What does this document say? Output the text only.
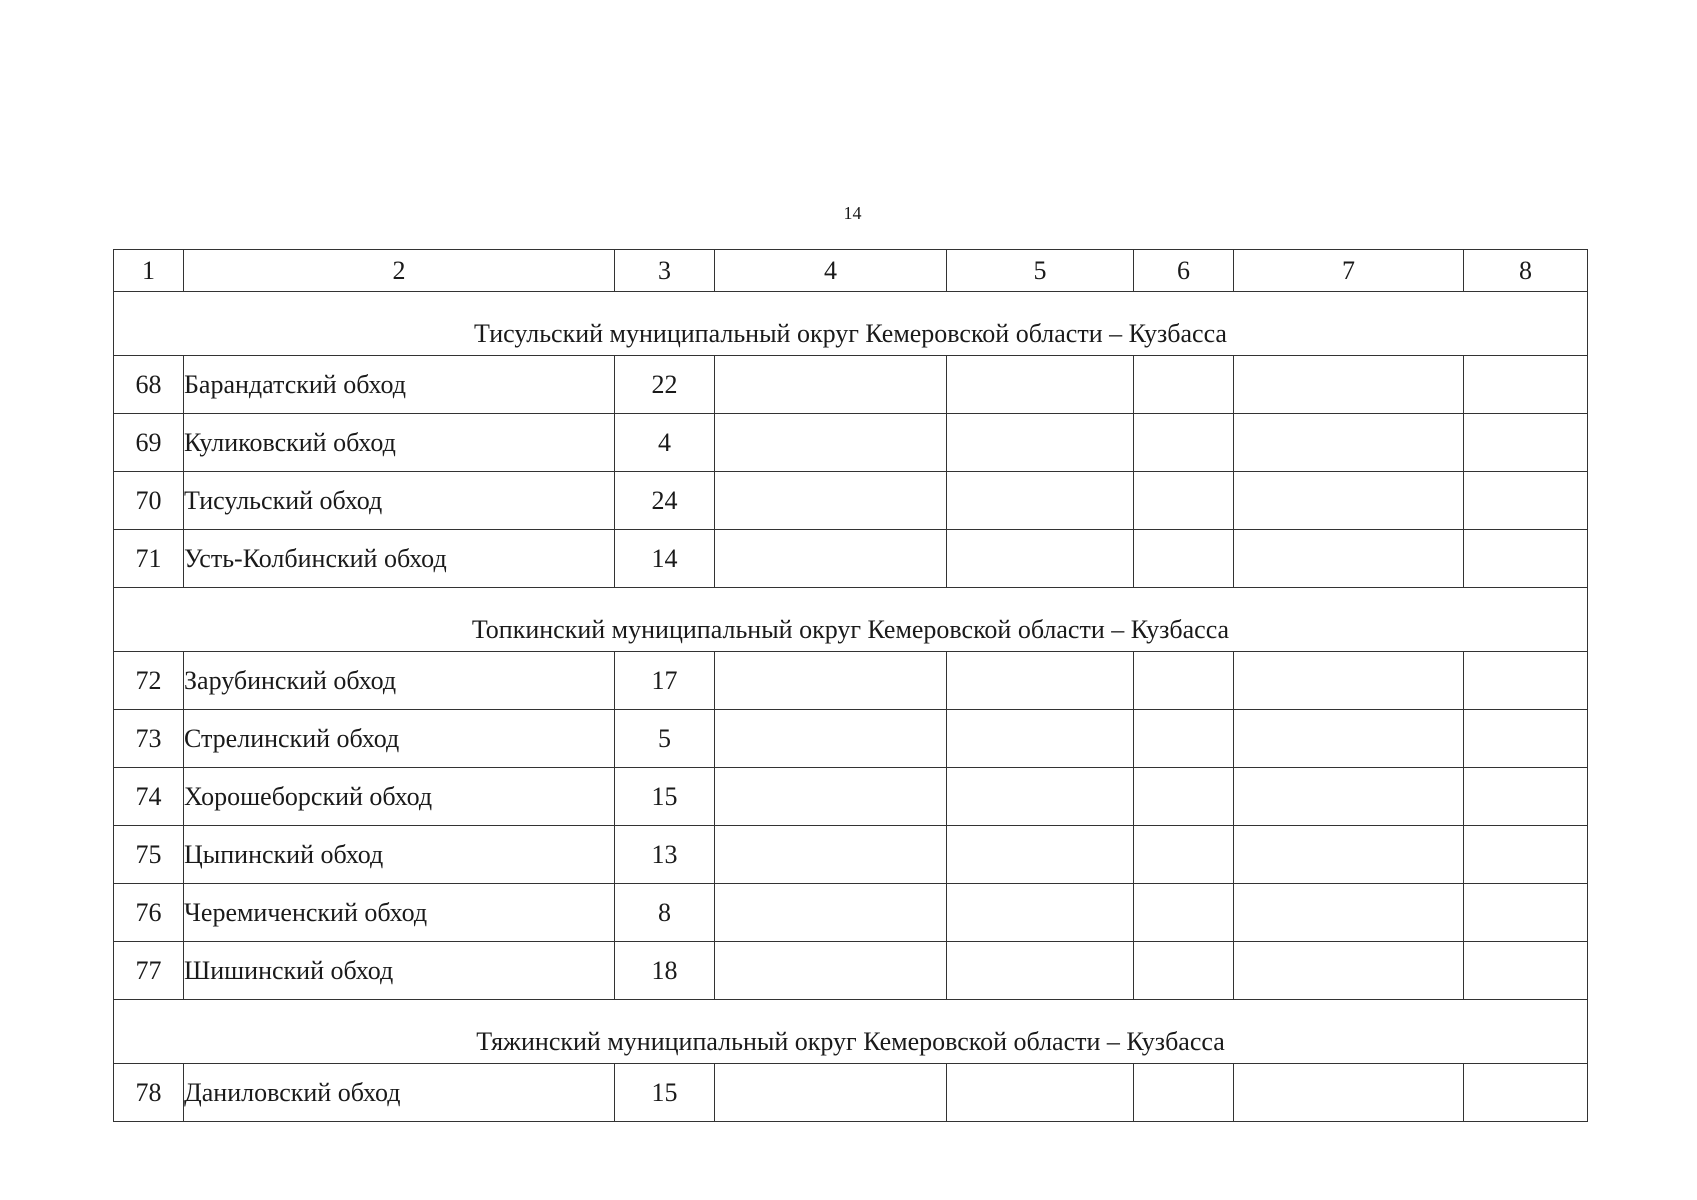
14
1	2	3	4	5	6	7	8
Тисульский муниципальный округ Кемеровской области – Кузбасса							
68	Барандатский обход	22					
69	Куликовский обход	4					
70	Тисульский обход	24					
71	Усть-Колбинский обход	14					
Топкинский муниципальный округ Кемеровской области – Кузбасса							
72	Зарубинский обход	17					
73	Стрелинский обход	5					
74	Хорошеборский обход	15					
75	Цыпинский обход	13					
76	Черемиченский обход	8					
77	Шишинский обход	18					
Тяжинский муниципальный округ Кемеровской области – Кузбасса							
78	Даниловский обход	15					
